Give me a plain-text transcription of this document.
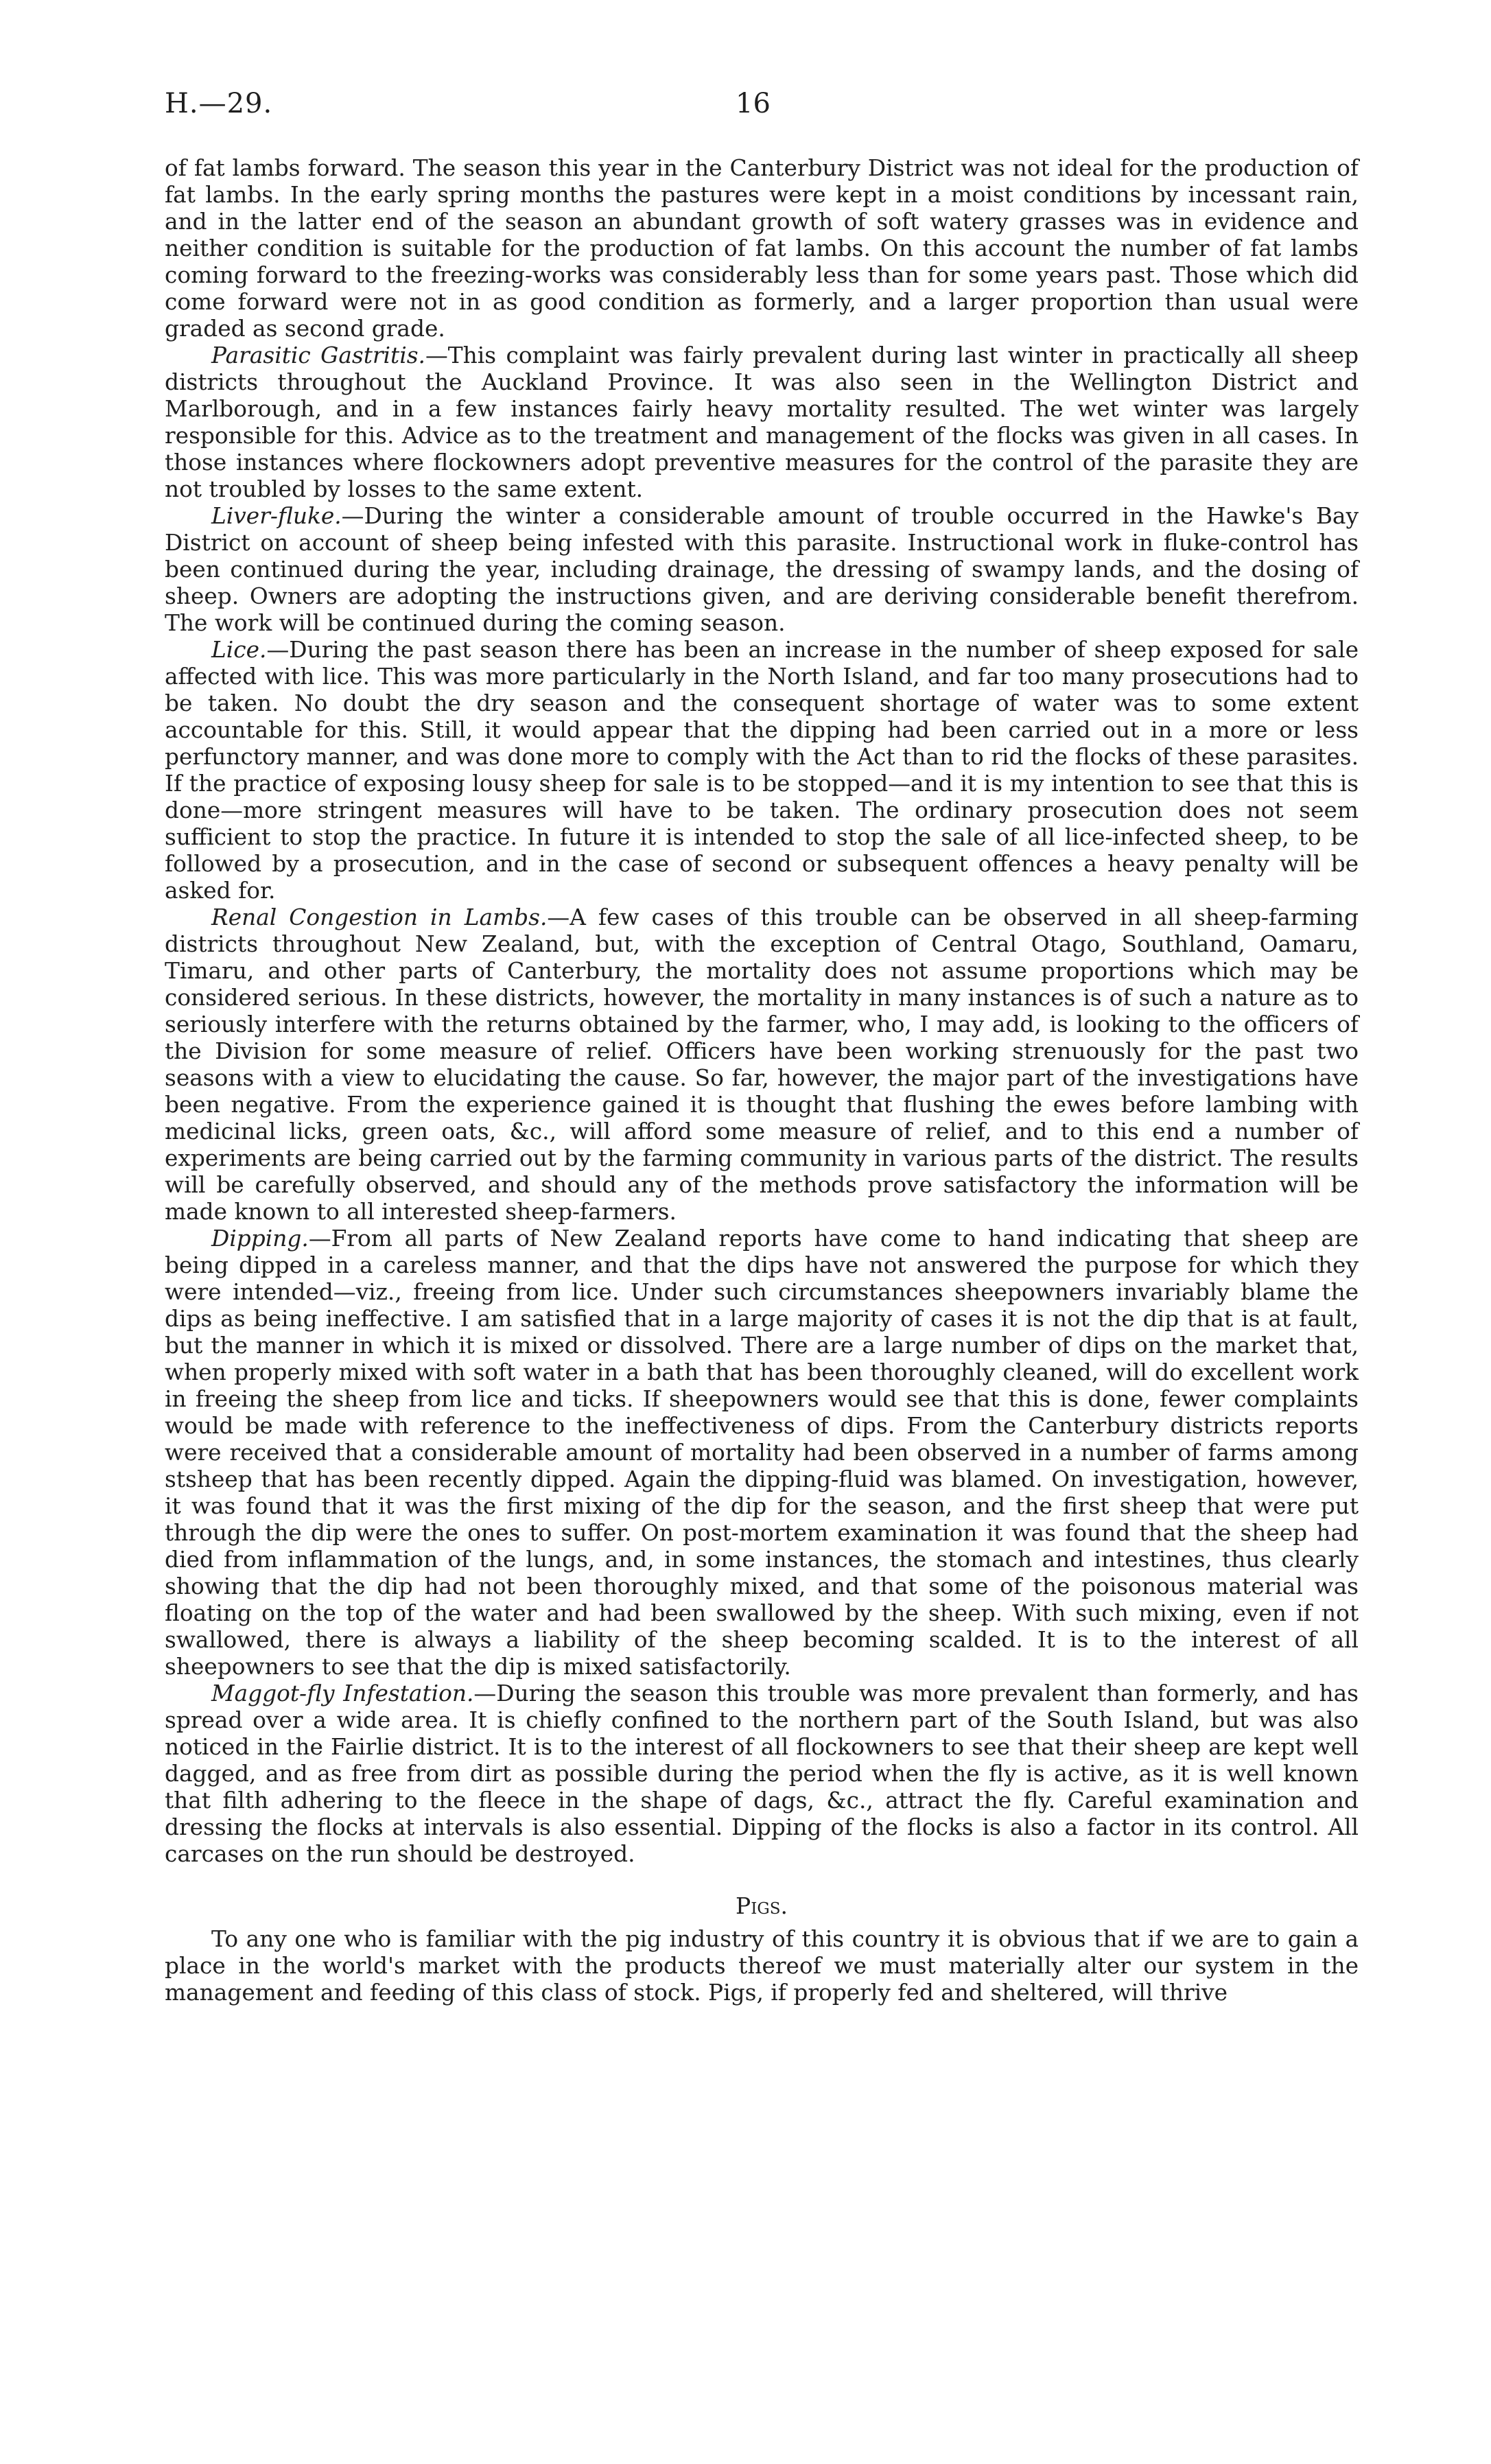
H.—29.	16

of fat lambs forward. The season this year in the Canterbury District was not ideal for the production of fat lambs. In the early spring months the pastures were kept in a moist conditions by incessant rain, and in the latter end of the season an abundant growth of soft watery grasses was in evidence and neither condition is suitable for the production of fat lambs. On this account the number of fat lambs coming forward to the freezing-works was considerably less than for some years past. Those which did come forward were not in as good condition as formerly, and a larger proportion than usual were graded as second grade.

Parasitic Gastritis.—This complaint was fairly prevalent during last winter in practically all sheep districts throughout the Auckland Province. It was also seen in the Wellington District and Marlborough, and in a few instances fairly heavy mortality resulted. The wet winter was largely responsible for this. Advice as to the treatment and management of the flocks was given in all cases. In those instances where flockowners adopt preventive measures for the control of the parasite they are not troubled by losses to the same extent.

Liver-fluke.—During the winter a considerable amount of trouble occurred in the Hawke's Bay District on account of sheep being infested with this parasite. Instructional work in fluke-control has been continued during the year, including drainage, the dressing of swampy lands, and the dosing of sheep. Owners are adopting the instructions given, and are deriving considerable benefit therefrom. The work will be continued during the coming season.

Lice.—During the past season there has been an increase in the number of sheep exposed for sale affected with lice. This was more particularly in the North Island, and far too many prosecutions had to be taken. No doubt the dry season and the consequent shortage of water was to some extent accountable for this. Still, it would appear that the dipping had been carried out in a more or less perfunctory manner, and was done more to comply with the Act than to rid the flocks of these parasites. If the practice of exposing lousy sheep for sale is to be stopped—and it is my intention to see that this is done—more stringent measures will have to be taken. The ordinary prosecution does not seem sufficient to stop the practice. In future it is intended to stop the sale of all lice-infected sheep, to be followed by a prosecution, and in the case of second or subsequent offences a heavy penalty will be asked for.

Renal Congestion in Lambs.—A few cases of this trouble can be observed in all sheep-farming districts throughout New Zealand, but, with the exception of Central Otago, Southland, Oamaru, Timaru, and other parts of Canterbury, the mortality does not assume proportions which may be considered serious. In these districts, however, the mortality in many instances is of such a nature as to seriously interfere with the returns obtained by the farmer, who, I may add, is looking to the officers of the Division for some measure of relief. Officers have been working strenuously for the past two seasons with a view to elucidating the cause. So far, however, the major part of the investigations have been negative. From the experience gained it is thought that flushing the ewes before lambing with medicinal licks, green oats, &c., will afford some measure of relief, and to this end a number of experiments are being carried out by the farming community in various parts of the district. The results will be carefully observed, and should any of the methods prove satisfactory the information will be made known to all interested sheep-farmers.

Dipping.—From all parts of New Zealand reports have come to hand indicating that sheep are being dipped in a careless manner, and that the dips have not answered the purpose for which they were intended—viz., freeing from lice. Under such circumstances sheepowners invariably blame the dips as being ineffective. I am satisfied that in a large majority of cases it is not the dip that is at fault, but the manner in which it is mixed or dissolved. There are a large number of dips on the market that, when properly mixed with soft water in a bath that has been thoroughly cleaned, will do excellent work in freeing the sheep from lice and ticks. If sheepowners would see that this is done, fewer complaints would be made with reference to the ineffectiveness of dips. From the Canterbury districts reports were received that a considerable amount of mortality had been observed in a number of farms among stsheep that has been recently dipped. Again the dipping-fluid was blamed. On investigation, however, it was found that it was the first mixing of the dip for the season, and the first sheep that were put through the dip were the ones to suffer. On post-mortem examination it was found that the sheep had died from inflammation of the lungs, and, in some instances, the stomach and intestines, thus clearly showing that the dip had not been thoroughly mixed, and that some of the poisonous material was floating on the top of the water and had been swallowed by the sheep. With such mixing, even if not swallowed, there is always a liability of the sheep becoming scalded. It is to the interest of all sheepowners to see that the dip is mixed satisfactorily.

Maggot-fly Infestation.—During the season this trouble was more prevalent than formerly, and has spread over a wide area. It is chiefly confined to the northern part of the South Island, but was also noticed in the Fairlie district. It is to the interest of all flockowners to see that their sheep are kept well dagged, and as free from dirt as possible during the period when the fly is active, as it is well known that filth adhering to the fleece in the shape of dags, &c., attract the fly. Careful examination and dressing the flocks at intervals is also essential. Dipping of the flocks is also a factor in its control. All carcases on the run should be destroyed.

Pigs.

To any one who is familiar with the pig industry of this country it is obvious that if we are to gain a place in the world's market with the products thereof we must materially alter our system in the management and feeding of this class of stock. Pigs, if properly fed and sheltered, will thrive
